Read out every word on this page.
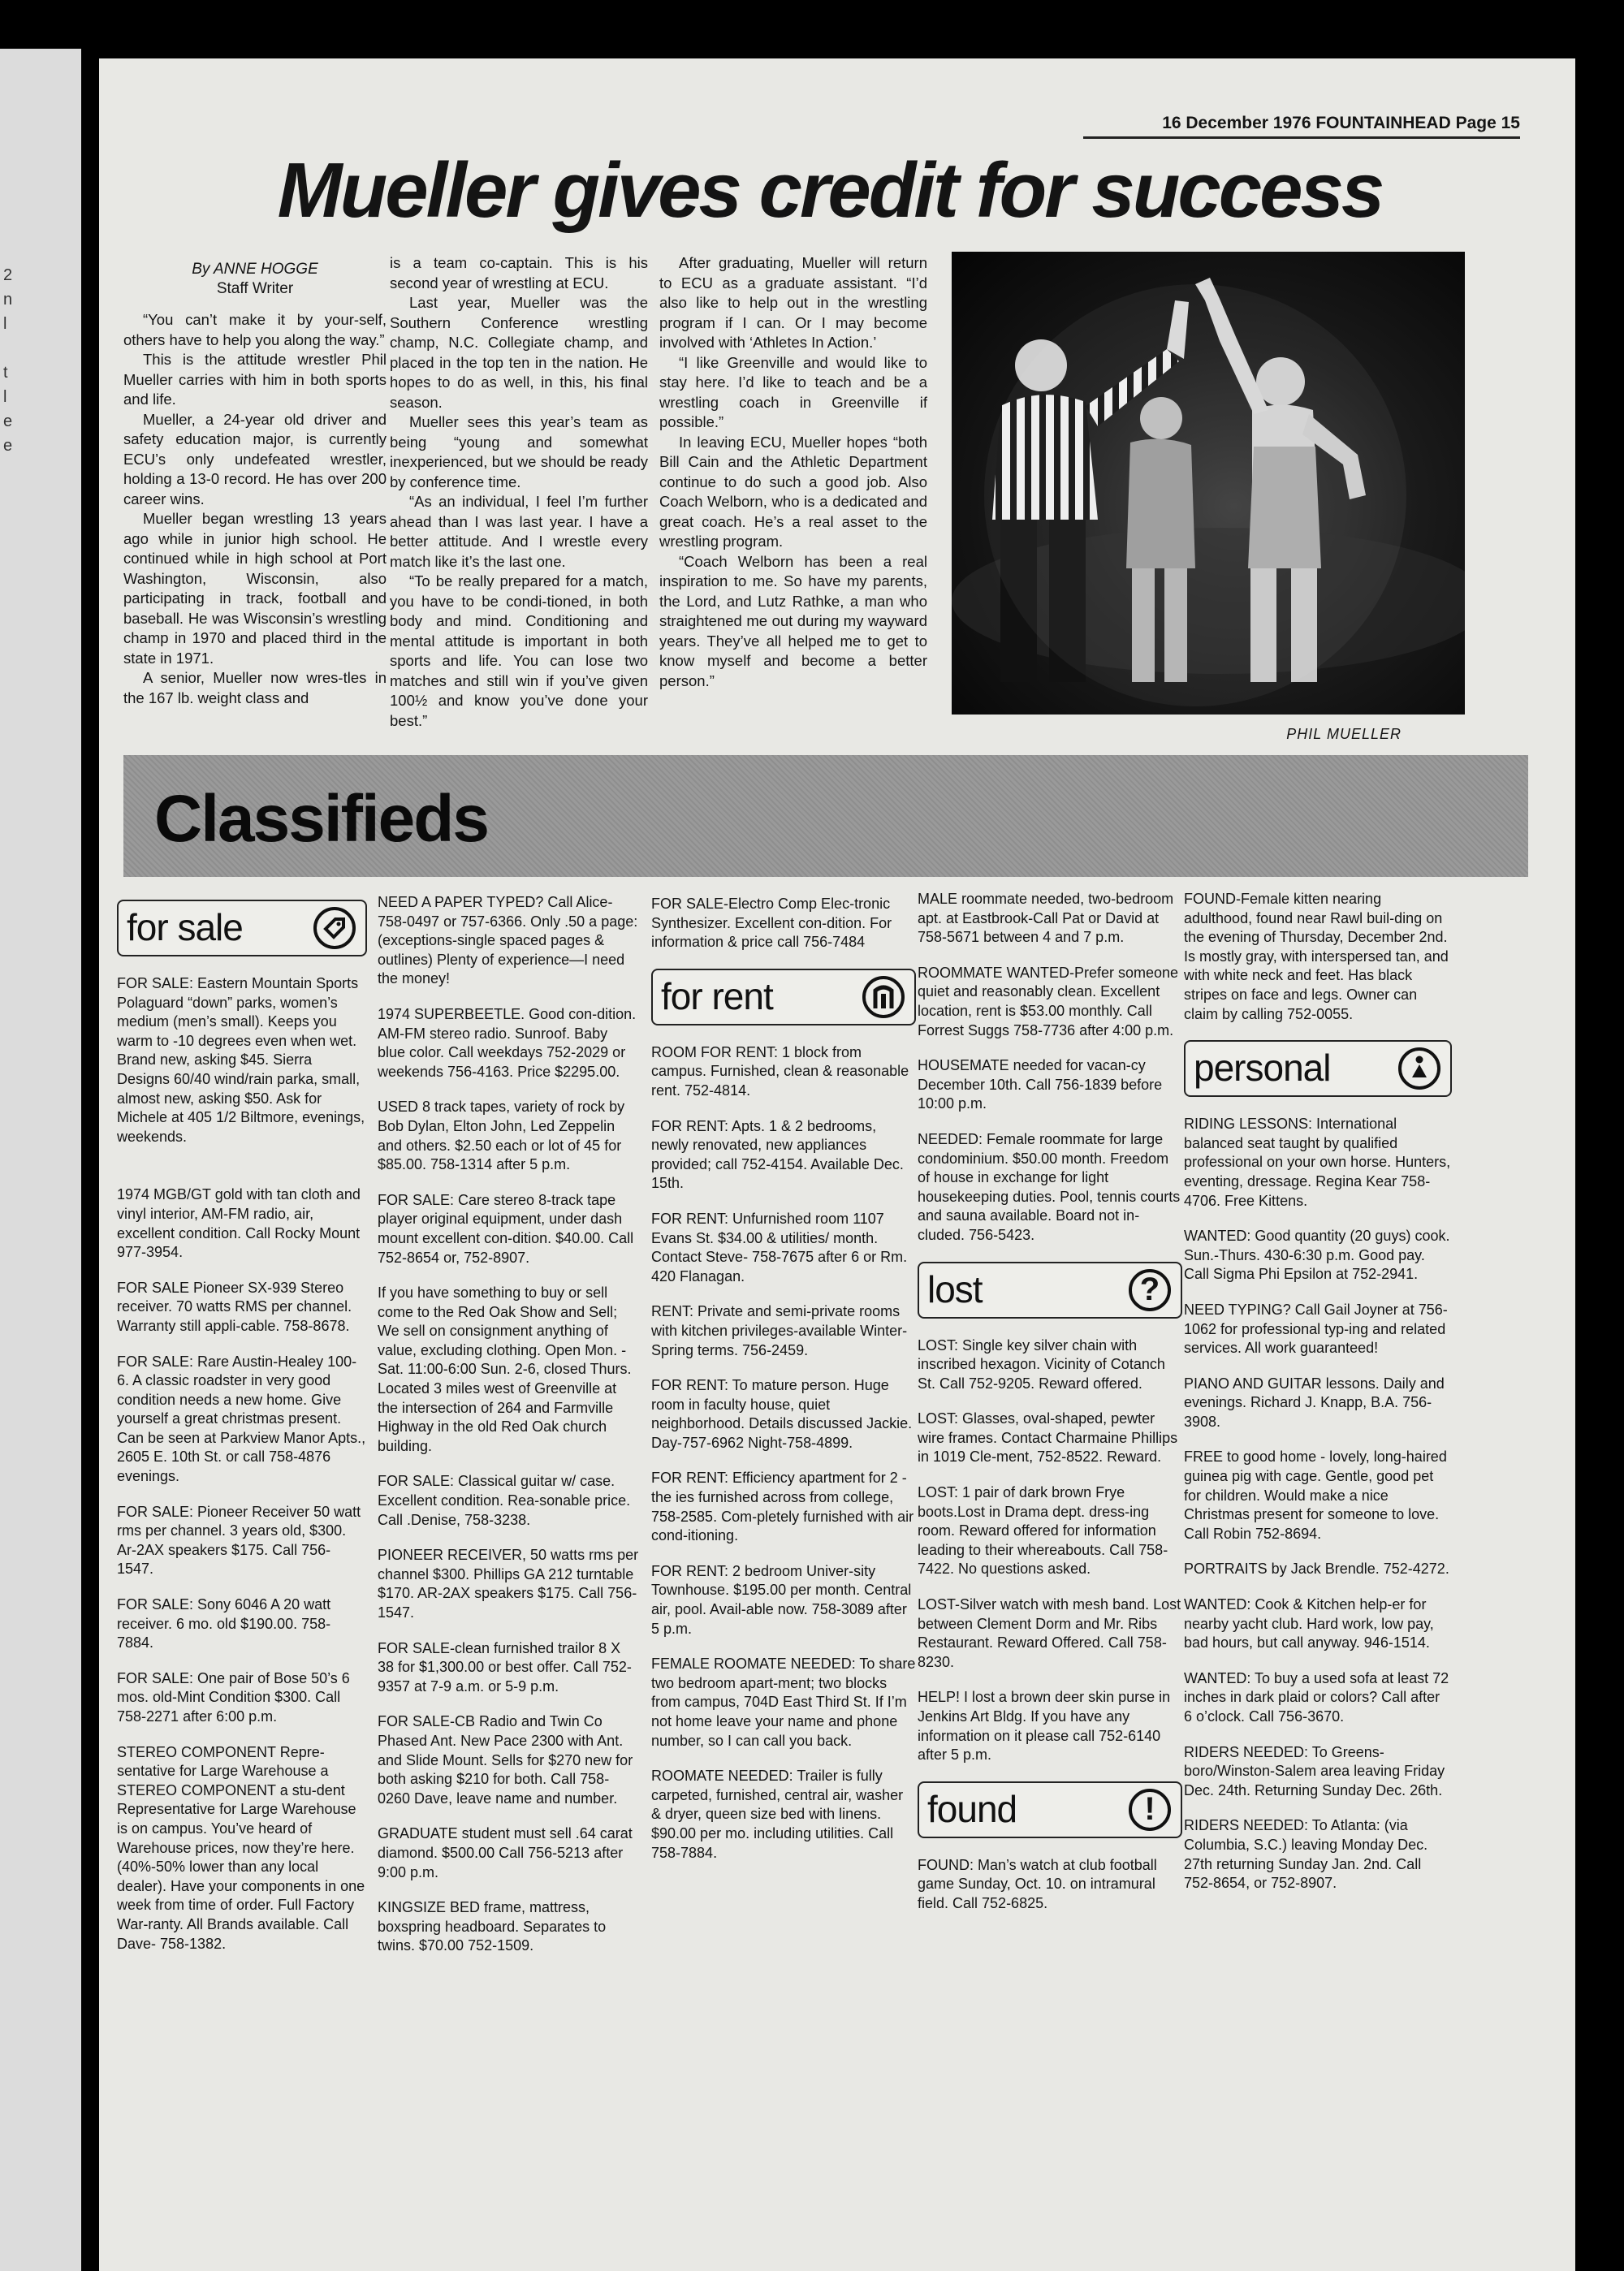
2
n
l
t
l
e
e
16 December 1976 FOUNTAINHEAD Page 15
Mueller gives credit for success

By ANNE HOGGE
Staff Writer

“You can’t make it by your-self, others have to help you along the way.”

This is the attitude wrestler Phil Mueller carries with him in both sports and life.

Mueller, a 24-year old driver and safety education major, is currently ECU’s only undefeated wrestler, holding a 13-0 record. He has over 200 career wins.

Mueller began wrestling 13 years ago while in junior high school. He continued while in high school at Port Washington, Wisconsin, also participating in track, football and baseball. He was Wisconsin’s wrestling champ in 1970 and placed third in the state in 1971.

A senior, Mueller now wres-tles in the 167 lb. weight class and

is a team co-captain. This is his second year of wrestling at ECU.

Last year, Mueller was the Southern Conference wrestling champ, N.C. Collegiate champ, and placed in the top ten in the nation. He hopes to do as well, in this, his final season.

Mueller sees this year’s team as being “young and somewhat inexperienced, but we should be ready by conference time.

“As an individual, I feel I’m further ahead than I was last year. I have a better attitude. And I wrestle every match like it’s the last one.

“To be really prepared for a match, you have to be condi-tioned, in both body and mind. Conditioning and mental attitude is important in both sports and life. You can lose two matches and still win if you’ve given 100½ and know you’ve done your best.”

After graduating, Mueller will return to ECU as a graduate assistant. “I’d also like to help out in the wrestling program if I can. Or I may become involved with ‘Athletes In Action.’

“I like Greenville and would like to stay here. I’d like to teach and be a wrestling coach in Greenville if possible.”

In leaving ECU, Mueller hopes “both Bill Cain and the Athletic Department continue to do such a good job. Also Coach Welborn, who is a dedicated and great coach. He’s a real asset to the wrestling program.

“Coach Welborn has been a real inspiration to me. So have my parents, the Lord, and Lutz Rathke, a man who straightened me out during my wayward years. They’ve all helped me to get to know myself and become a better person.”

PHIL MUELLER
Classifieds
for sale

FOR SALE: Eastern Mountain Sports Polaguard “down” parks, women’s medium (men’s small). Keeps you warm to -10 degrees even when wet. Brand new, asking $45. Sierra Designs 60/40 wind/rain parka, small, almost new, asking $50. Ask for Michele at 405 1/2 Biltmore, evenings, weekends.

1974 MGB/GT gold with tan cloth and vinyl interior, AM-FM radio, air, excellent condition. Call Rocky Mount 977-3954.

FOR SALE Pioneer SX-939 Stereo receiver. 70 watts RMS per channel. Warranty still appli-cable. 758-8678.

FOR SALE: Rare Austin-Healey 100-6. A classic roadster in very good condition needs a new home. Give yourself a great christmas present. Can be seen at Parkview Manor Apts., 2605 E. 10th St. or call 758-4876 evenings.

FOR SALE: Pioneer Receiver 50 watt rms per channel. 3 years old, $300. Ar-2AX speakers $175. Call 756-1547.

FOR SALE: Sony 6046 A 20 watt receiver. 6 mo. old $190.00. 758-7884.

FOR SALE: One pair of Bose 50’s 6 mos. old-Mint Condition $300. Call 758-2271 after 6:00 p.m.

STEREO COMPONENT Repre-sentative for Large Warehouse a STEREO COMPONENT a stu-dent Representative for Large Warehouse is on campus. You’ve heard of Warehouse prices, now they’re here. (40%-50% lower than any local dealer). Have your components in one week from time of order. Full Factory War-ranty. All Brands available. Call Dave- 758-1382.

NEED A PAPER TYPED? Call Alice-758-0497 or 757-6366. Only .50 a page: (exceptions-single spaced pages & outlines) Plenty of experience—I need the money!

1974 SUPERBEETLE. Good con-dition. AM-FM stereo radio. Sunroof. Baby blue color. Call weekdays 752-2029 or weekends 756-4163. Price $2295.00.

USED 8 track tapes, variety of rock by Bob Dylan, Elton John, Led Zeppelin and others. $2.50 each or lot of 45 for $85.00. 758-1314 after 5 p.m.

FOR SALE: Care stereo 8-track tape player original equipment, under dash mount excellent con-dition. $40.00. Call 752-8654 or, 752-8907.

If you have something to buy or sell come to the Red Oak Show and Sell; We sell on consignment anything of value, excluding clothing. Open Mon. - Sat. 11:00-6:00 Sun. 2-6, closed Thurs. Located 3 miles west of Greenville at the intersection of 264 and Farmville Highway in the old Red Oak church building.

FOR SALE: Classical guitar w/ case. Excellent condition. Rea-sonable price. Call .Denise, 758-3238.

PIONEER RECEIVER, 50 watts rms per channel $300. Phillips GA 212 turntable $170. AR-2AX speakers $175. Call 756-1547.

FOR SALE-clean furnished trailor 8 X 38 for $1,300.00 or best offer. Call 752-9357 at 7-9 a.m. or 5-9 p.m.

FOR SALE-CB Radio and Twin Co Phased Ant. New Pace 2300 with Ant. and Slide Mount. Sells for $270 new for both asking $210 for both. Call 758-0260 Dave, leave name and number.

GRADUATE student must sell .64 carat diamond. $500.00 Call 756-5213 after 9:00 p.m.

KINGSIZE BED frame, mattress, boxspring headboard. Separates to twins. $70.00 752-1509.

FOR SALE-Electro Comp Elec-tronic Synthesizer. Excellent con-dition. For information & price call 756-7484

for rent

ROOM FOR RENT: 1 block from campus. Furnished, clean & reasonable rent. 752-4814.

FOR RENT: Apts. 1 & 2 bedrooms, newly renovated, new appliances provided; call 752-4154. Available Dec. 15th.

FOR RENT: Unfurnished room 1107 Evans St. $34.00 & utilities/ month. Contact Steve- 758-7675 after 6 or Rm. 420 Flanagan.

RENT: Private and semi-private rooms with kitchen privileges-available Winter-Spring terms. 756-2459.

FOR RENT: To mature person. Huge room in faculty house, quiet neighborhood. Details discussed Jackie. Day-757-6962 Night-758-4899.

FOR RENT: Efficiency apartment for 2 - the ies furnished across from college, 758-2585. Com-pletely furnished with air cond-itioning.

FOR RENT: 2 bedroom Univer-sity Townhouse. $195.00 per month. Central air, pool. Avail-able now. 758-3089 after 5 p.m.

FEMALE ROOMATE NEEDED: To share two bedroom apart-ment; two blocks from campus, 704D East Third St. If I’m not home leave your name and phone number, so I can call you back.

ROOMATE NEEDED: Trailer is fully carpeted, furnished, central air, washer & dryer, queen size bed with linens. $90.00 per mo. including utilities. Call 758-7884.

MALE roommate needed, two-bedroom apt. at Eastbrook-Call Pat or David at 758-5671 between 4 and 7 p.m.

ROOMMATE WANTED-Prefer someone quiet and reasonably clean. Excellent location, rent is $53.00 monthly. Call Forrest Suggs 758-7736 after 4:00 p.m.

HOUSEMATE needed for vacan-cy December 10th. Call 756-1839 before 10:00 p.m.

NEEDED: Female roommate for large condominium. $50.00 month. Freedom of house in exchange for light housekeeping duties. Pool, tennis courts and sauna available. Board not in-cluded. 756-5423.

lost	?

LOST: Single key silver chain with inscribed hexagon. Vicinity of Cotanch St. Call 752-9205. Reward offered.

LOST: Glasses, oval-shaped, pewter wire frames. Contact Charmaine Phillips in 1019 Cle-ment, 752-8522. Reward.

LOST: 1 pair of dark brown Frye boots.Lost in Drama dept. dress-ing room. Reward offered for information leading to their whereabouts. Call 758-7422. No questions asked.

LOST-Silver watch with mesh band. Lost between Clement Dorm and Mr. Ribs Restaurant. Reward Offered. Call 758-8230.

HELP! I lost a brown deer skin purse in Jenkins Art Bldg. If you have any information on it please call 752-6140 after 5 p.m.

found	!

FOUND: Man’s watch at club football game Sunday, Oct. 10. on intramural field. Call 752-6825.

FOUND-Female kitten nearing adulthood, found near Rawl buil-ding on the evening of Thursday, December 2nd. Is mostly gray, with interspersed tan, and with white neck and feet. Has black stripes on face and legs. Owner can claim by calling 752-0055.

personal

RIDING LESSONS: International balanced seat taught by qualified professional on your own horse. Hunters, eventing, dressage. Regina Kear 758-4706. Free Kittens.

WANTED: Good quantity (20 guys) cook. Sun.-Thurs. 430-6:30 p.m. Good pay. Call Sigma Phi Epsilon at 752-2941.

NEED TYPING? Call Gail Joyner at 756-1062 for professional typ-ing and related services. All work guaranteed!

PIANO AND GUITAR lessons. Daily and evenings. Richard J. Knapp, B.A. 756-3908.

FREE to good home - lovely, long-haired guinea pig with cage. Gentle, good pet for children. Would make a nice Christmas present for someone to love. Call Robin 752-8694.

PORTRAITS by Jack Brendle. 752-4272.

WANTED: Cook & Kitchen help-er for nearby yacht club. Hard work, low pay, bad hours, but call anyway. 946-1514.

WANTED: To buy a used sofa at least 72 inches in dark plaid or colors? Call after 6 o’clock. Call 756-3670.

RIDERS NEEDED: To Greens-boro/Winston-Salem area leaving Friday Dec. 24th. Returning Sunday Dec. 26th.

RIDERS NEEDED: To Atlanta: (via Columbia, S.C.) leaving Monday Dec. 27th returning Sunday Jan. 2nd. Call 752-8654, or 752-8907.
